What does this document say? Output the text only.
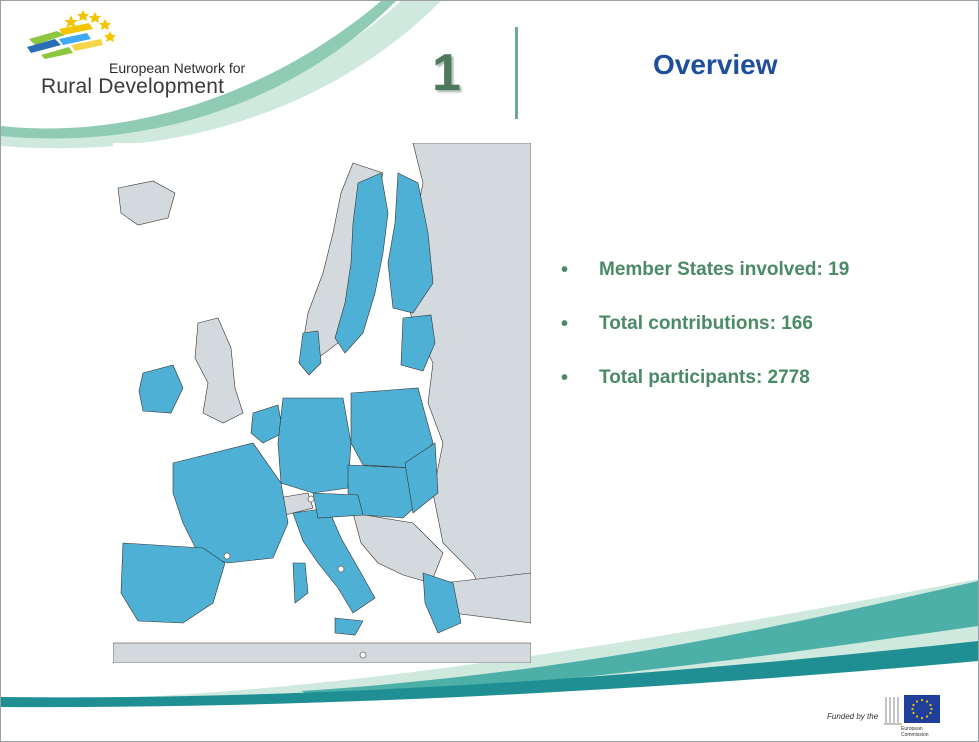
European Network for
Rural Development	1	Overview
• Member States involved: 19
• Total contributions: 166
• Total participants: 2778
Funded by the
European
Commission
